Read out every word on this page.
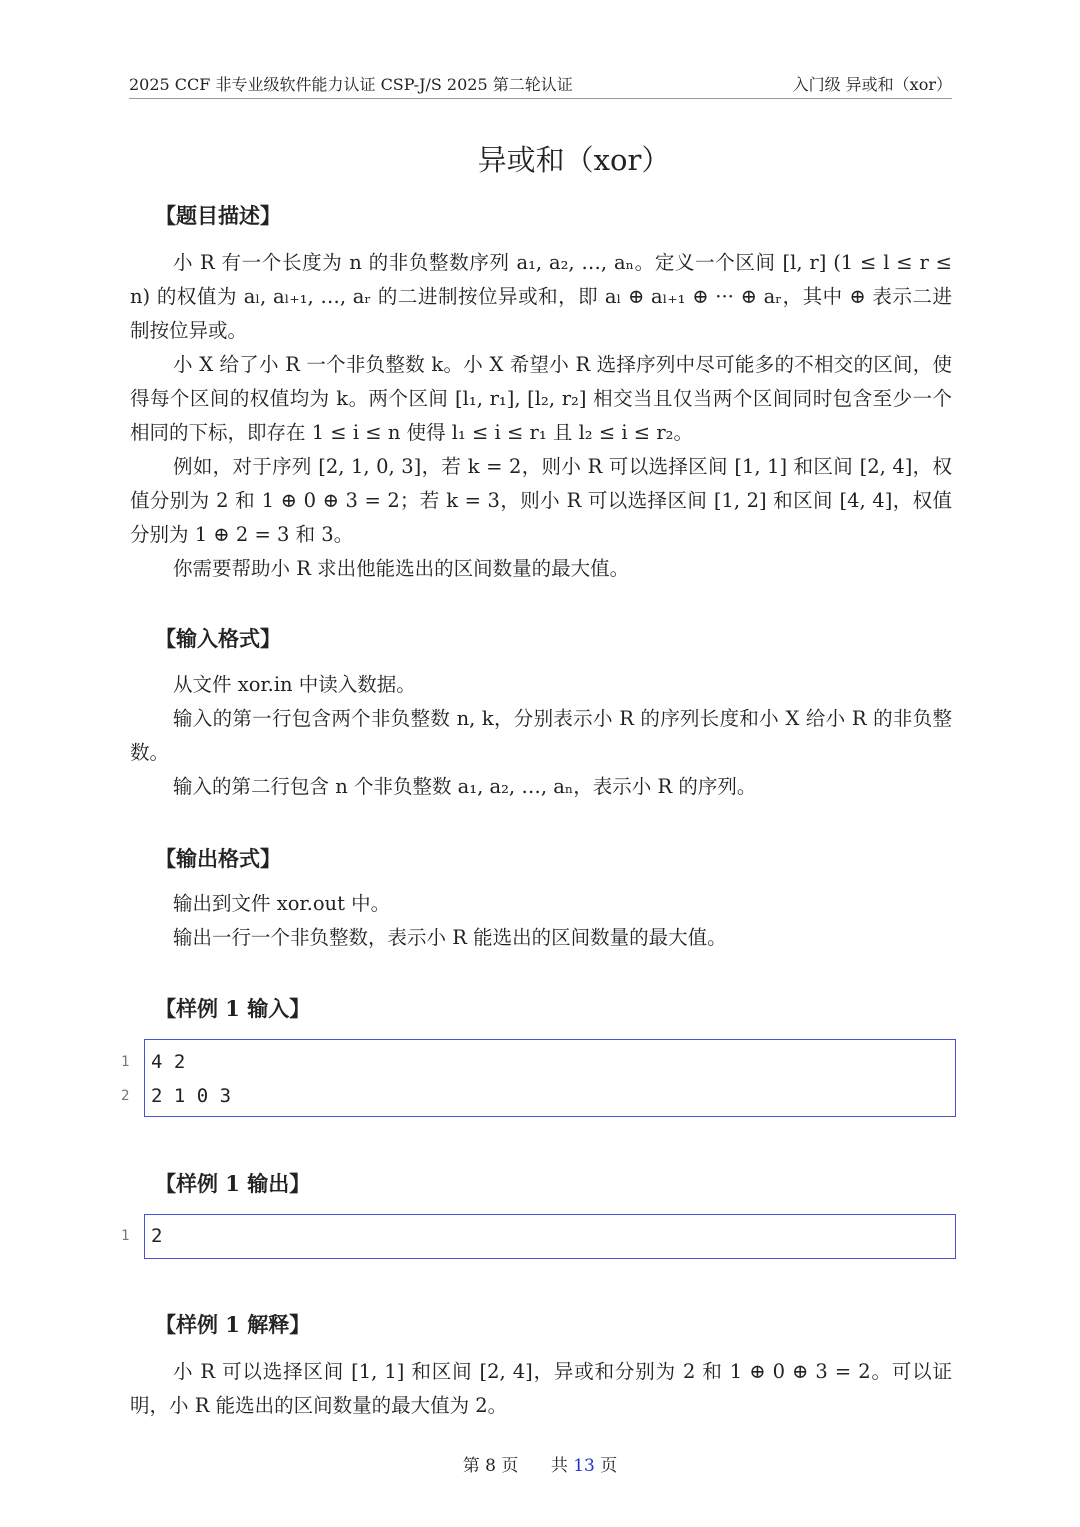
2025 CCF 非专业级软件能力认证 CSP-J/S 2025 第二轮认证	入门级 异或和（xor）
异或和（xor）
【题目描述】

小 R 有一个长度为 n 的非负整数序列 a₁, a₂, …, aₙ。定义一个区间 [l, r] (1 ≤ l ≤ r ≤ n) 的权值为 aₗ, aₗ₊₁, …, aᵣ 的二进制按位异或和，即 aₗ ⊕ aₗ₊₁ ⊕ ··· ⊕ aᵣ，其中 ⊕ 表示二进制按位异或。

小 X 给了小 R 一个非负整数 k。小 X 希望小 R 选择序列中尽可能多的不相交的区间，使得每个区间的权值均为 k。两个区间 [l₁, r₁], [l₂, r₂] 相交当且仅当两个区间同时包含至少一个相同的下标，即存在 1 ≤ i ≤ n 使得 l₁ ≤ i ≤ r₁ 且 l₂ ≤ i ≤ r₂。

例如，对于序列 [2, 1, 0, 3]，若 k = 2，则小 R 可以选择区间 [1, 1] 和区间 [2, 4]，权值分别为 2 和 1 ⊕ 0 ⊕ 3 = 2；若 k = 3，则小 R 可以选择区间 [1, 2] 和区间 [4, 4]，权值分别为 1 ⊕ 2 = 3 和 3。

你需要帮助小 R 求出他能选出的区间数量的最大值。

【输入格式】

从文件 xor.in 中读入数据。

输入的第一行包含两个非负整数 n, k，分别表示小 R 的序列长度和小 X 给小 R 的非负整数。

输入的第二行包含 n 个非负整数 a₁, a₂, …, aₙ，表示小 R 的序列。

【输出格式】

输出到文件 xor.out 中。

输出一行一个非负整数，表示小 R 能选出的区间数量的最大值。

【样例 1 输入】
1 4 2
2 2 1 0 3
【样例 1 输出】
1 2
【样例 1 解释】

小 R 可以选择区间 [1, 1] 和区间 [2, 4]，异或和分别为 2 和 1 ⊕ 0 ⊕ 3 = 2。可以证明，小 R 能选出的区间数量的最大值为 2。

第 8 页 共 13 页
